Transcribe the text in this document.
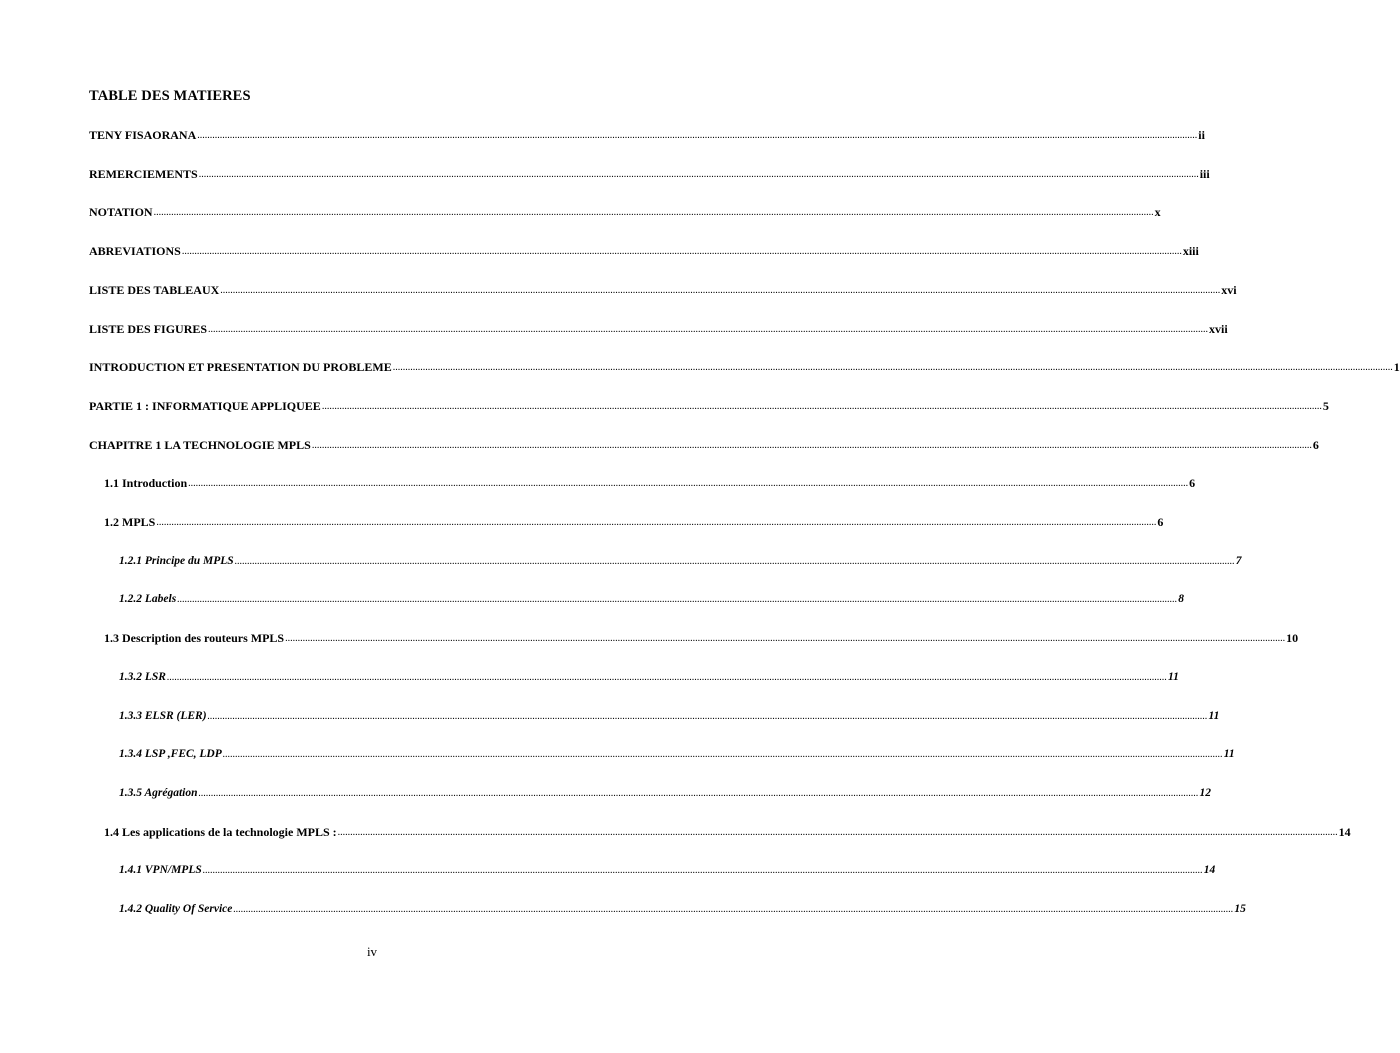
TABLE DES MATIERES
TENY FISAORANA ................................................................................................................................................................................................................................................................................................................................................................................................................ ii
REMERCIEMENTS ................................................................................................................................................................................................................................................................................................................................................................................................................ iii
NOTATION ................................................................................................................................................................................................................................................................................................................................................................................................................ x
ABREVIATIONS ................................................................................................................................................................................................................................................................................................................................................................................................................ xiii
LISTE DES TABLEAUX ................................................................................................................................................................................................................................................................................................................................................................................................................ xvi
LISTE DES FIGURES ................................................................................................................................................................................................................................................................................................................................................................................................................ xvii
INTRODUCTION ET PRESENTATION DU PROBLEME ................................................................................................................................................................................................................................................................................................................................................................................................................ 1
PARTIE 1 : INFORMATIQUE APPLIQUEE ................................................................................................................................................................................................................................................................................................................................................................................................................ 5
CHAPITRE 1 LA TECHNOLOGIE MPLS ................................................................................................................................................................................................................................................................................................................................................................................................................ 6
1.1 Introduction ................................................................................................................................................................................................................................................................................................................................................................................................................ 6
1.2 MPLS ................................................................................................................................................................................................................................................................................................................................................................................................................ 6
1.2.1 Principe du MPLS ................................................................................................................................................................................................................................................................................................................................................................................................................ 7
1.2.2 Labels ................................................................................................................................................................................................................................................................................................................................................................................................................ 8
1.3 Description des routeurs MPLS ................................................................................................................................................................................................................................................................................................................................................................................................................ 10
1.3.2 LSR ................................................................................................................................................................................................................................................................................................................................................................................................................ 11
1.3.3 ELSR (LER) ................................................................................................................................................................................................................................................................................................................................................................................................................ 11
1.3.4 LSP ,FEC, LDP ................................................................................................................................................................................................................................................................................................................................................................................................................ 11
1.3.5 Agrégation ................................................................................................................................................................................................................................................................................................................................................................................................................ 12
1.4 Les applications de la technologie MPLS : ................................................................................................................................................................................................................................................................................................................................................................................................................ 14
1.4.1 VPN/MPLS ................................................................................................................................................................................................................................................................................................................................................................................................................ 14
1.4.2 Quality Of Service ................................................................................................................................................................................................................................................................................................................................................................................................................ 15
iv
